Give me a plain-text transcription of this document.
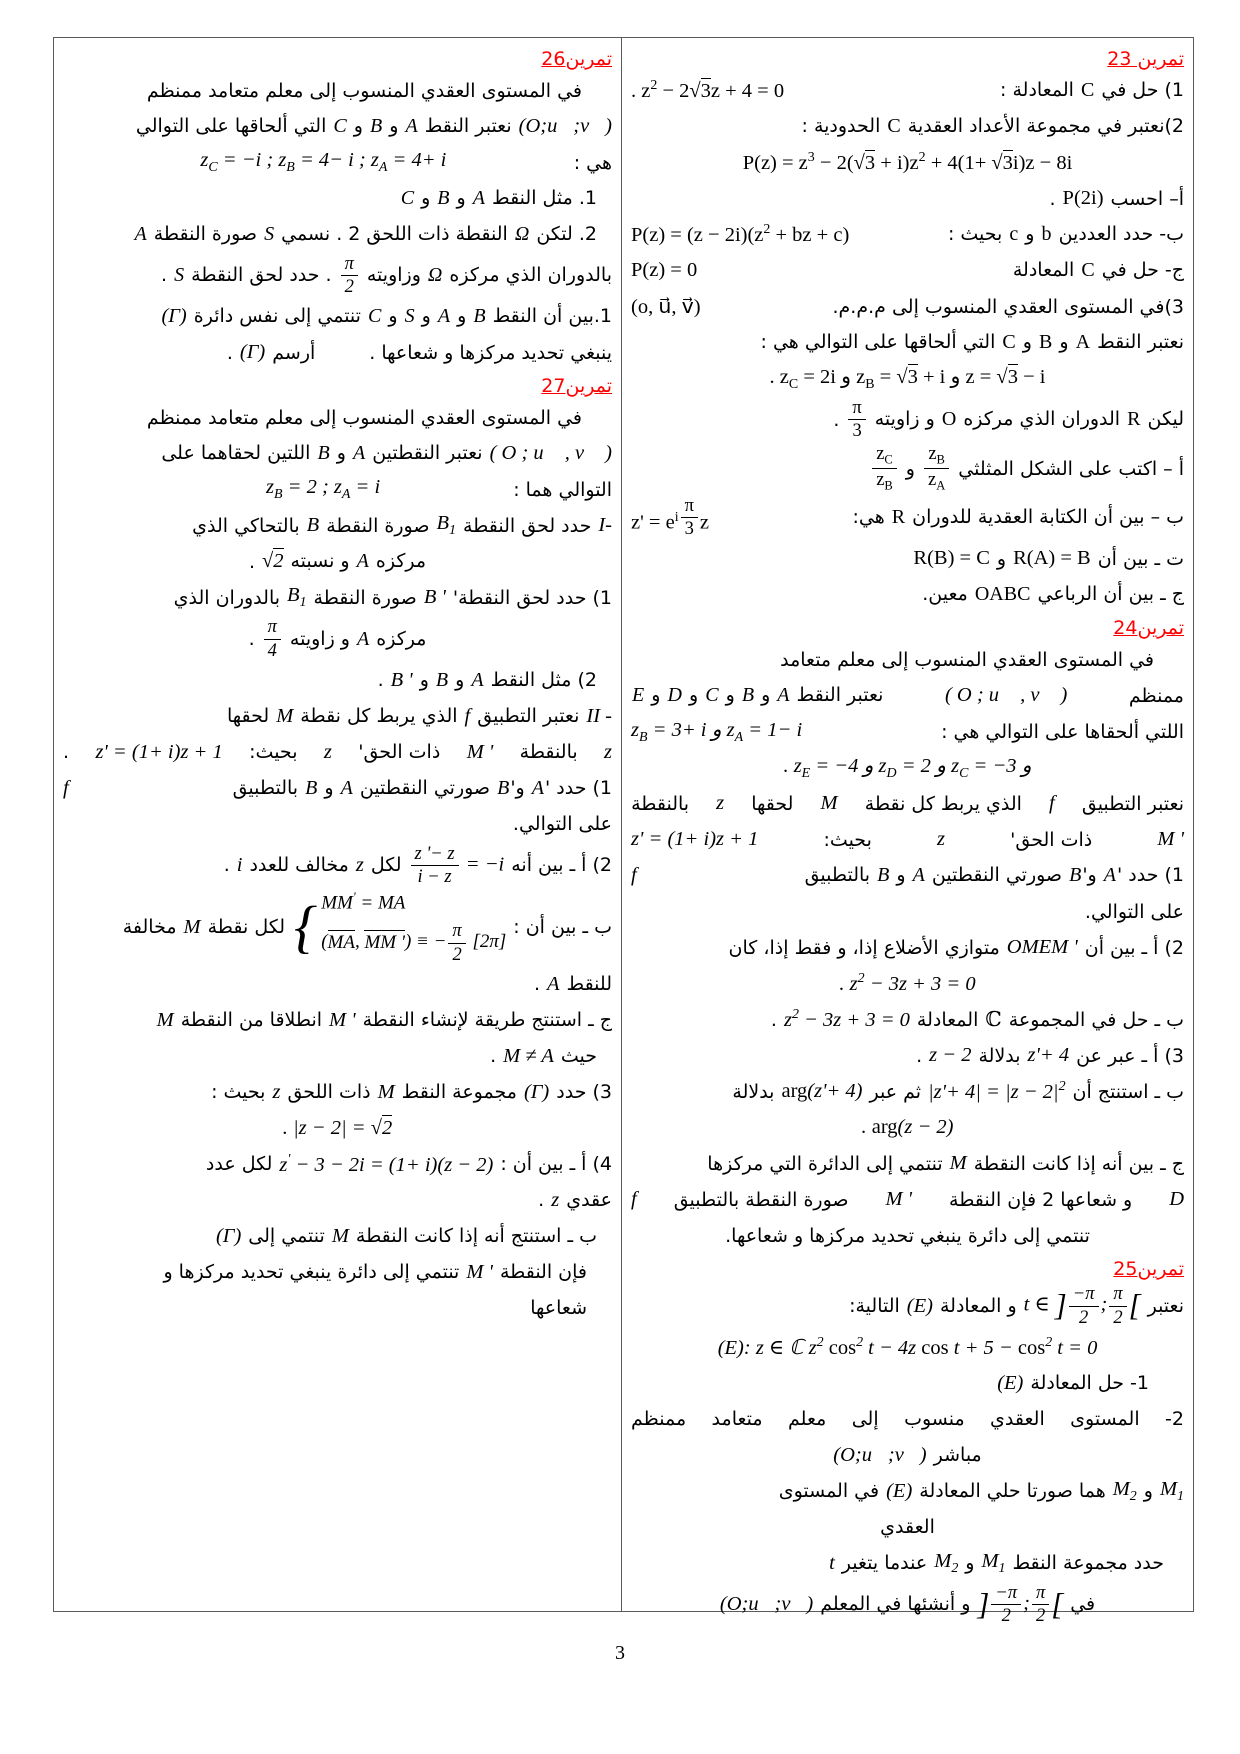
تمرين 23
1) حل في C المعادلة :
. $z^2 - 2√3z + 4 = 0$
2)نعتبر في مجموعة الأعداد العقدية C الحدودية :
$P(z) = z^3 - 2(√3 + i)z^2 + 4(1+ √3i)z - 8i$
أ– احسب
P(2i)
.
ب- حدد العددين b و c بحيث :
$P(z) = (z - 2i)(z^2$ + bz + c)
ج- حل في C المعادلة
P(z) = 0
3)في المستوى العقدي المنسوب إلى م.م.م.
(o, u⃗, v⃗)
نعتبر النقط A و B و C التي ألحاقها على التوالي هي :
. $z_C = 2i$ و $z_B = √3 + i$ و z = √3 − i
ليكن R الدوران الذي مركزه O و زاويته
$\frac{\pi}{3}$
.
أ – اكتب على الشكل المثلثي
$\frac{z_B}{z_A}$
و
$\frac{z_C}{z_B}$
ب – بين أن الكتابة العقدية للدوران R هي:
$z' = e^{i \frac{\pi}{3}}$ z
ت ـ بين أن
R(A) = B
و
R(B) = C
ج ـ بين أن الرباعي OABC معين.
تمرين24
في المستوى العقدي المنسوب إلى معلم متعامد
ممنظم
( O ; u⃗ , v⃗ )
نعتبر النقط A و B و C و D و E
اللتي ألحقاها على التوالي هي :
$z_B = 3+ i$ و $z_A = 1- i$
. $z_E = -4$ و $z_D = 2$ و $z_C = -3$ و
نعتبر التطبيق
f
الذي يربط كل نقطة
M
لحقها
z
بالنقطة
M '
ذات الحق'
z
بحيث:
z' = (1+ i)z + 1
1) حدد 'A و'B صورتي النقطتين A و B بالتطبيق
f
على التوالي.
2) أ ـ بين أن
OMEM '
متوازي الأضلاع إذا، و فقط إذا، كان
. $z^2 - 3z + 3 = 0$
ب ـ حل في المجموعة
ℂ
المعادلة
$z^2 - 3z + 3 = 0$
.
3) أ ـ عبر عن
z'+ 4
بدلالة
z − 2
.
ب ـ استنتج أن
$|z'+ 4| = |z - 2|^2$
ثم عبر
arg(z'+ 4)
بدلالة
. arg(z − 2)
ج ـ بين أنه إذا كانت النقطة
M
تنتمي إلى الدائرة التي مركزها
D
و شعاعها 2 فإن النقطة
M '
صورة النقطة بالتطبيق
f
تنتمي إلى دائرة ينبغي تحديد مركزها و شعاعها.
تمرين25
نعتبر
t ∈ ] $\frac{-\pi}{2}$ ; $\frac{\pi}{2}$ [
و المعادلة
(E)
التالية:
(E): z ∈ ℂ $z^2$ $\cos^2 t - 4z$ $\cos t + 5 - \cos^2 t = 0$
1- حل المعادلة
(E)
2- المستوى العقدي منسوب إلى معلم متعامد ممنظم
مباشر
(O;u⃗;v⃗)
$M_1$
و
$M_2$
هما صورتا حلي المعادلة
(E)
في المستوى
العقدي
حدد مجموعة النقط
$M_1$
و
$M_2$
عندما يتغير
t
في
] $\frac{-\pi}{2}$ ; $\frac{\pi}{2}$ [
و أنشئها في المعلم
(O;u⃗;v⃗)
تمرين26
في المستوى العقدي المنسوب إلى معلم متعامد ممنظم
(O;u⃗;v⃗)
نعتبر النقط A و B و C التي ألحاقها على التوالي
هي :
$z_C = -i$ ; $z_B = 4- i$ ; $z_A = 4+ i$
1. مثل النقط A و B و C
2. لتكن Ω النقطة ذات اللحق 2 . نسمي S صورة النقطة A
بالدوران الذي مركزه Ω وزاويته
$\frac{\pi}{2}$
. حدد لحق النقطة S .
1.بين أن النقط B و A و S و C تنتمي إلى نفس دائرة
(Γ)
ينبغي تحديد مركزها و شعاعها .
أرسم
(Γ)
.
تمرين27
في المستوى العقدي المنسوب إلى معلم متعامد ممنظم
( O ; u⃗ , v⃗ )
نعتبر النقطتين A و B اللتين لحقاهما على
التوالي هما :
$z_B = 2$ ; $z_A = i$
I-
حدد لحق النقطة
$B_1$
صورة النقطة
B
بالتحاكي الذي
مركزه A و نسبته
√2
.
1) حدد لحق النقطة'
B '
صورة النقطة
$B_1$
بالدوران الذي
مركزه A و زاويته
$\frac{\pi}{4}$
.
2) مثل النقط A و B و
B '
.
II -
نعتبر التطبيق
f
الذي يربط كل نقطة
M
لحقها
z
بالنقطة
M '
ذات الحق'
z
بحيث:
z' = (1+ i)z + 1
.
1) حدد 'A و'B صورتي النقطتين A و B بالتطبيق
f
على التوالي.
2) أ ـ بين أنه
$\frac{z '- z}{i - z} = -i$
لكل
z
مخالف للعدد
i
.
ب ـ بين أن :
{ MM' = MA
(MA, MM ') ≡ − $\frac{\pi}{2} [2\pi]$
لكل نقطة
M
مخالفة
للنقط
A
.
ج ـ استنتج طريقة لإنشاء النقطة
M '
انطلاقا من النقطة
M
حيث
M ≠ A
.
3) حدد
(Γ)
مجموعة النقط
M
ذات اللحق
z
بحيث :
. |z − 2| = √2
4) أ ـ بين أن :
z' − 3 − 2i = (1+ i)(z − 2)
لكل عدد
عقدي
z
.
ب ـ استنتج أنه إذا كانت النقطة
M
تنتمي إلى
(Γ)
فإن النقطة
M '
تنتمي إلى دائرة ينبغي تحديد مركزها و
شعاعها
3
